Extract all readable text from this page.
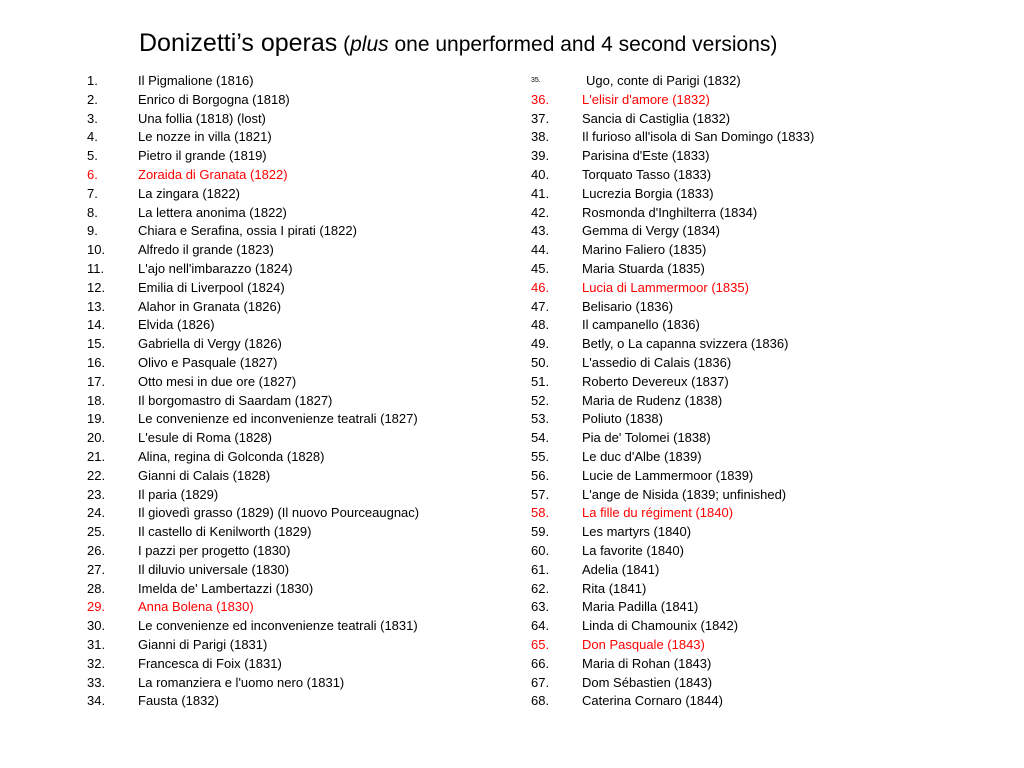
Donizetti’s operas (plus one unperformed and 4 second versions)
1.	Il Pigmalione (1816)
2.	Enrico di Borgogna (1818)
3.	Una follia (1818) (lost)
4.	Le nozze in villa (1821)
5.	Pietro il grande (1819)
6.	Zoraida di Granata (1822)
7.	La zingara (1822)
8.	La lettera anonima (1822)
9.	Chiara e Serafina, ossia I pirati (1822)
10.	Alfredo il grande (1823)
11.	L'ajo nell'imbarazzo (1824)
12.	Emilia di Liverpool (1824)
13.	Alahor in Granata (1826)
14.	Elvida (1826)
15.	Gabriella di Vergy (1826)
16.	Olivo e Pasquale (1827)
17.	Otto mesi in due ore (1827)
18.	Il borgomastro di Saardam (1827)
19.	Le convenienze ed inconvenienze teatrali (1827)
20.	L'esule di Roma (1828)
21.	Alina, regina di Golconda (1828)
22.	Gianni di Calais (1828)
23.	Il paria (1829)
24.	Il giovedì grasso (1829) (Il nuovo Pourceaugnac)
25.	Il castello di Kenilworth (1829)
26.	I pazzi per progetto (1830)
27.	Il diluvio universale (1830)
28.	Imelda de' Lambertazzi (1830)
29.	Anna Bolena (1830)
30.	Le convenienze ed inconvenienze teatrali (1831)
31.	Gianni di Parigi (1831)
32.	Francesca di Foix (1831)
33.	La romanziera e l'uomo nero (1831)
34.	Fausta (1832)
35.	Ugo, conte di Parigi (1832)
36.	L'elisir d'amore (1832)
37.	Sancia di Castiglia (1832)
38.	Il furioso all'isola di San Domingo (1833)
39.	Parisina d'Este (1833)
40.	Torquato Tasso (1833)
41.	Lucrezia Borgia (1833)
42.	Rosmonda d'Inghilterra (1834)
43.	Gemma di Vergy (1834)
44.	Marino Faliero (1835)
45.	Maria Stuarda (1835)
46.	Lucia di Lammermoor (1835)
47.	Belisario (1836)
48.	Il campanello (1836)
49.	Betly, o La capanna svizzera (1836)
50.	L'assedio di Calais (1836)
51.	Roberto Devereux (1837)
52.	Maria de Rudenz (1838)
53.	Poliuto (1838)
54.	Pia de' Tolomei (1838)
55.	Le duc d'Albe (1839)
56.	Lucie de Lammermoor (1839)
57.	L'ange de Nisida (1839; unfinished)
58.	La fille du régiment (1840)
59.	Les martyrs (1840)
60.	La favorite (1840)
61.	Adelia (1841)
62.	Rita (1841)
63.	Maria Padilla (1841)
64.	Linda di Chamounix (1842)
65.	Don Pasquale (1843)
66.	Maria di Rohan (1843)
67.	Dom Sébastien (1843)
68.	Caterina Cornaro (1844)
